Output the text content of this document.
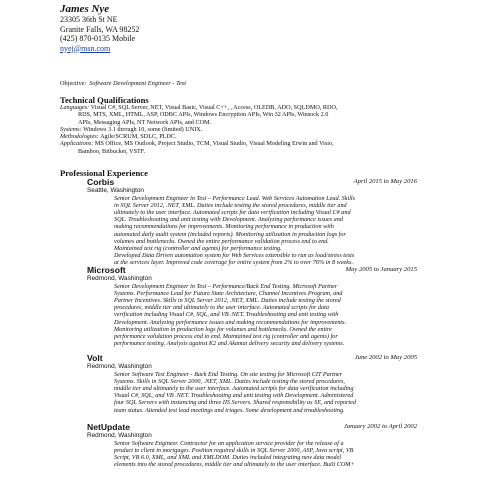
James Nye
23305 36th St NE
Granite Falls, WA 98252
(425) 870-0135 Mobile
nyej@msn.com
Objective: Software Development Engineer - Test
Technical Qualifications
Languages: Visual C#, SQL Server, NET, Visual Basic, Visual C++, , Access, OLEDB, ADO, SQLDMO, RDO,
RDS, MTS, XML, HTML, ASP, ODBC APIs, Windows Encryption APIs, Win 32 APIs, Winsock 2.0
APIs, Messaging APIs, NT Network APIs, and COM.
Systems: Windows 3.1 through 10, some (limited) UNIX.
Methodologies: Agile/SCRUM, SDLC, PLDC.
Applications: MS Office, MS Outlook, Project Studio, TCM, Visual Studio, Visual Modeling Erwin and Visio,
Bamboo, Bitbucket, VSTF.
Professional Experience
Corbis	April 2015 to May 2016
Seattle, Washington
Senior Development Engineer in Test – Performance Lead. Web Services Automation Lead. Skills
in SQL Server 2012, .NET, XML. Duties include testing the stored procedures, middle tier and
ultimately to the user interface. Automated scripts for data verification including Visual C# and
SQL. Troubleshooting and unit testing with Development. Analyzing performance issues and
making recommendations for improvements. Monitoring performance in production with
automated daily audit system (included reports). Monitoring utilization in production logs for
volumes and bottlenecks. Owned the entire performance validation process end to end.
Maintained test rig (controller and agents) for performance testing.
Developed Data Driven automation system for Web Services extensible to run as load/stress tests
at the services layer. Improved code coverage for entire system from 2% to over 76% in 8 weeks.
Microsoft	May 2005 to January 2015
Redmond, Washington
Senior Development Engineer in Test – Performance/Back End Testing. Microsoft Partner
Systems. Performance Lead for Future State Architecture, Channel Incentives Program, and
Partner Incentives. Skills in SQL Server 2012, .NET, XML. Duties include testing the stored
procedures, middle tier and ultimately to the user interface. Automated scripts for data
verification including Visual C#, SQL, and VB .NET. Troubleshooting and unit testing with
Development. Analyzing performance issues and making recommendations for improvements.
Monitoring utilization in production logs for volumes and bottlenecks. Owned the entire
performance validation process end to end. Maintained test rig (controller and agents) for
performance testing. Analysis against K2 and Akamai delivery security and delivery systems.
Volt	June 2002 to May 2005
Redmond, Washington
Senior Software Test Engineer - Back End Testing. On site testing for Microsoft CIT Partner
Systems. Skills in SQL Server 2000, .NET, XML. Duties include testing the stored procedures,
middle tier and ultimately to the user interface. Automated scripts for data verification including
Visual C#, SQL, and VB .NET. Troubleshooting and unit testing with Development. Administered
four SQL Servers with instancing and three IIS Servers. Shared responsibility as SE, and reported
team status. Attended test lead meetings and triages. Some development and troubleshooting.
NetUpdate	January 2002 to April 2002
Redmond, Washington
Senior Software Engineer. Contractor for an application service provider for the release of a
product to client in mortgages. Position required skills in SQL Server 2000, ASP, Java script, VB
Script, VB 6.0, XML, and XML and XMLDOM. Duties included integrating new data model
elements into the stored procedures, middle tier and ultimately to the user interface. Built COM+
